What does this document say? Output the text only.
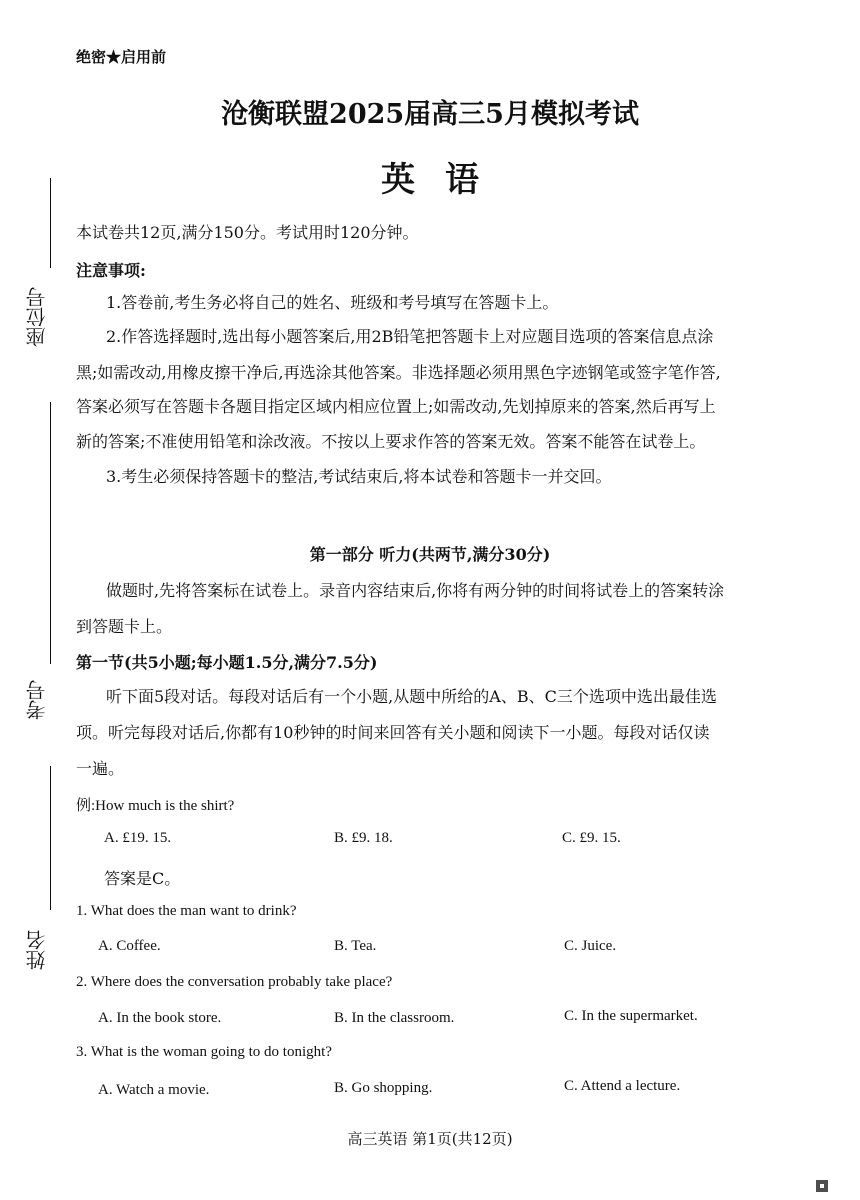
绝密★启用前
沧衡联盟2025届高三5月模拟考试
英语
座位号
考号
姓名
本试卷共12页,满分150分。考试用时120分钟。
注意事项:
1.答卷前,考生务必将自己的姓名、班级和考号填写在答题卡上。
2.作答选择题时,选出每小题答案后,用2B铅笔把答题卡上对应题目选项的答案信息点涂
黑;如需改动,用橡皮擦干净后,再选涂其他答案。非选择题必须用黑色字迹钢笔或签字笔作答,
答案必须写在答题卡各题目指定区域内相应位置上;如需改动,先划掉原来的答案,然后再写上
新的答案;不准使用铅笔和涂改液。不按以上要求作答的答案无效。答案不能答在试卷上。
3.考生必须保持答题卡的整洁,考试结束后,将本试卷和答题卡一并交回。
第一部分 听力(共两节,满分30分)
做题时,先将答案标在试卷上。录音内容结束后,你将有两分钟的时间将试卷上的答案转涂
到答题卡上。
第一节(共5小题;每小题1.5分,满分7.5分)
听下面5段对话。每段对话后有一个小题,从题中所给的A、B、C三个选项中选出最佳选
项。听完每段对话后,你都有10秒钟的时间来回答有关小题和阅读下一小题。每段对话仅读
一遍。
例:How much is the shirt?
A. £19. 15.	B. £9. 18.	C. £9. 15.
答案是C。
1. What does the man want to drink?
A. Coffee.	B. Tea.	C. Juice.
2. Where does the conversation probably take place?
A. In the book store.	B. In the classroom.	C. In the supermarket.
3. What is the woman going to do tonight?
A. Watch a movie.	B. Go shopping.	C. Attend a lecture.
高三英语 第1页(共12页)
